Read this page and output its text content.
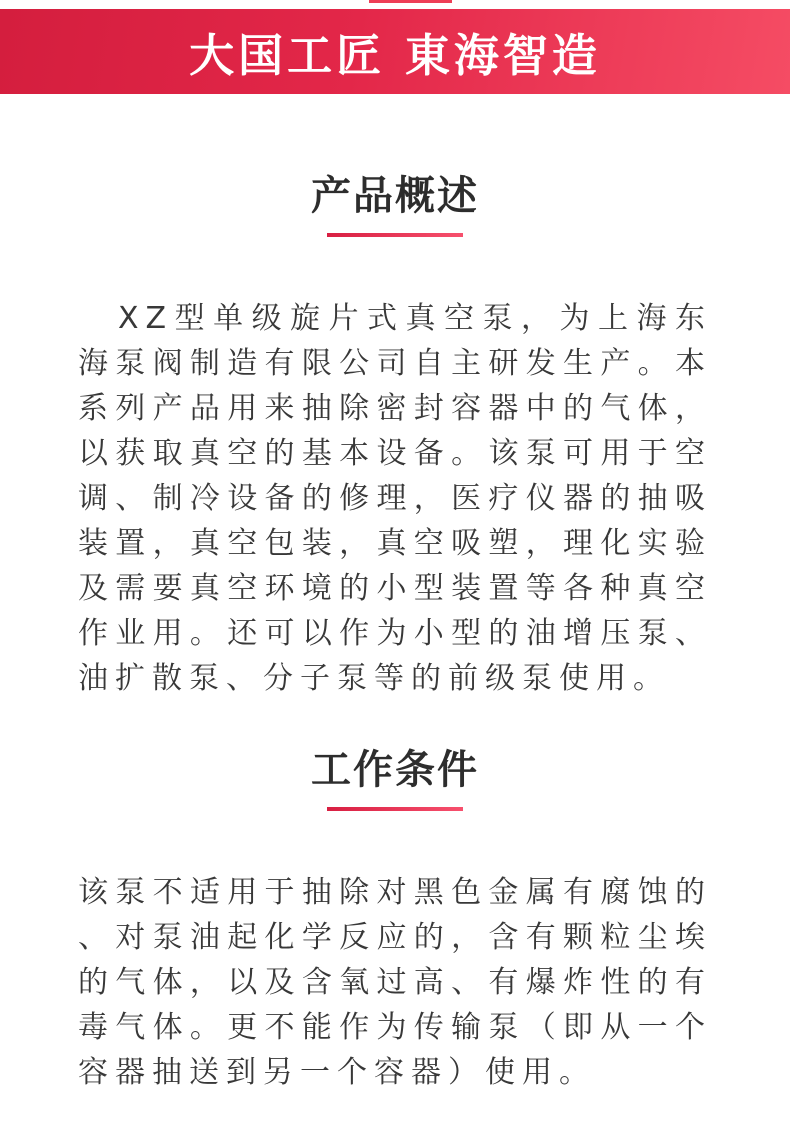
大国工匠 東海智造
产品概述
XZ型单级旋片式真空泵，为上海东海泵阀制造有限公司自主研发生产。本系列产品用来抽除密封容器中的气体，以获取真空的基本设备。该泵可用于空调、制冷设备的修理，医疗仪器的抽吸装置，真空包装，真空吸塑，理化实验及需要真空环境的小型装置等各种真空作业用。还可以作为小型的油增压泵、油扩散泵、分子泵等的前级泵使用。
工作条件
该泵不适用于抽除对黑色金属有腐蚀的、对泵油起化学反应的，含有颗粒尘埃的气体，以及含氧过高、有爆炸性的有毒气体。更不能作为传输泵（即从一个容器抽送到另一个容器）使用。
